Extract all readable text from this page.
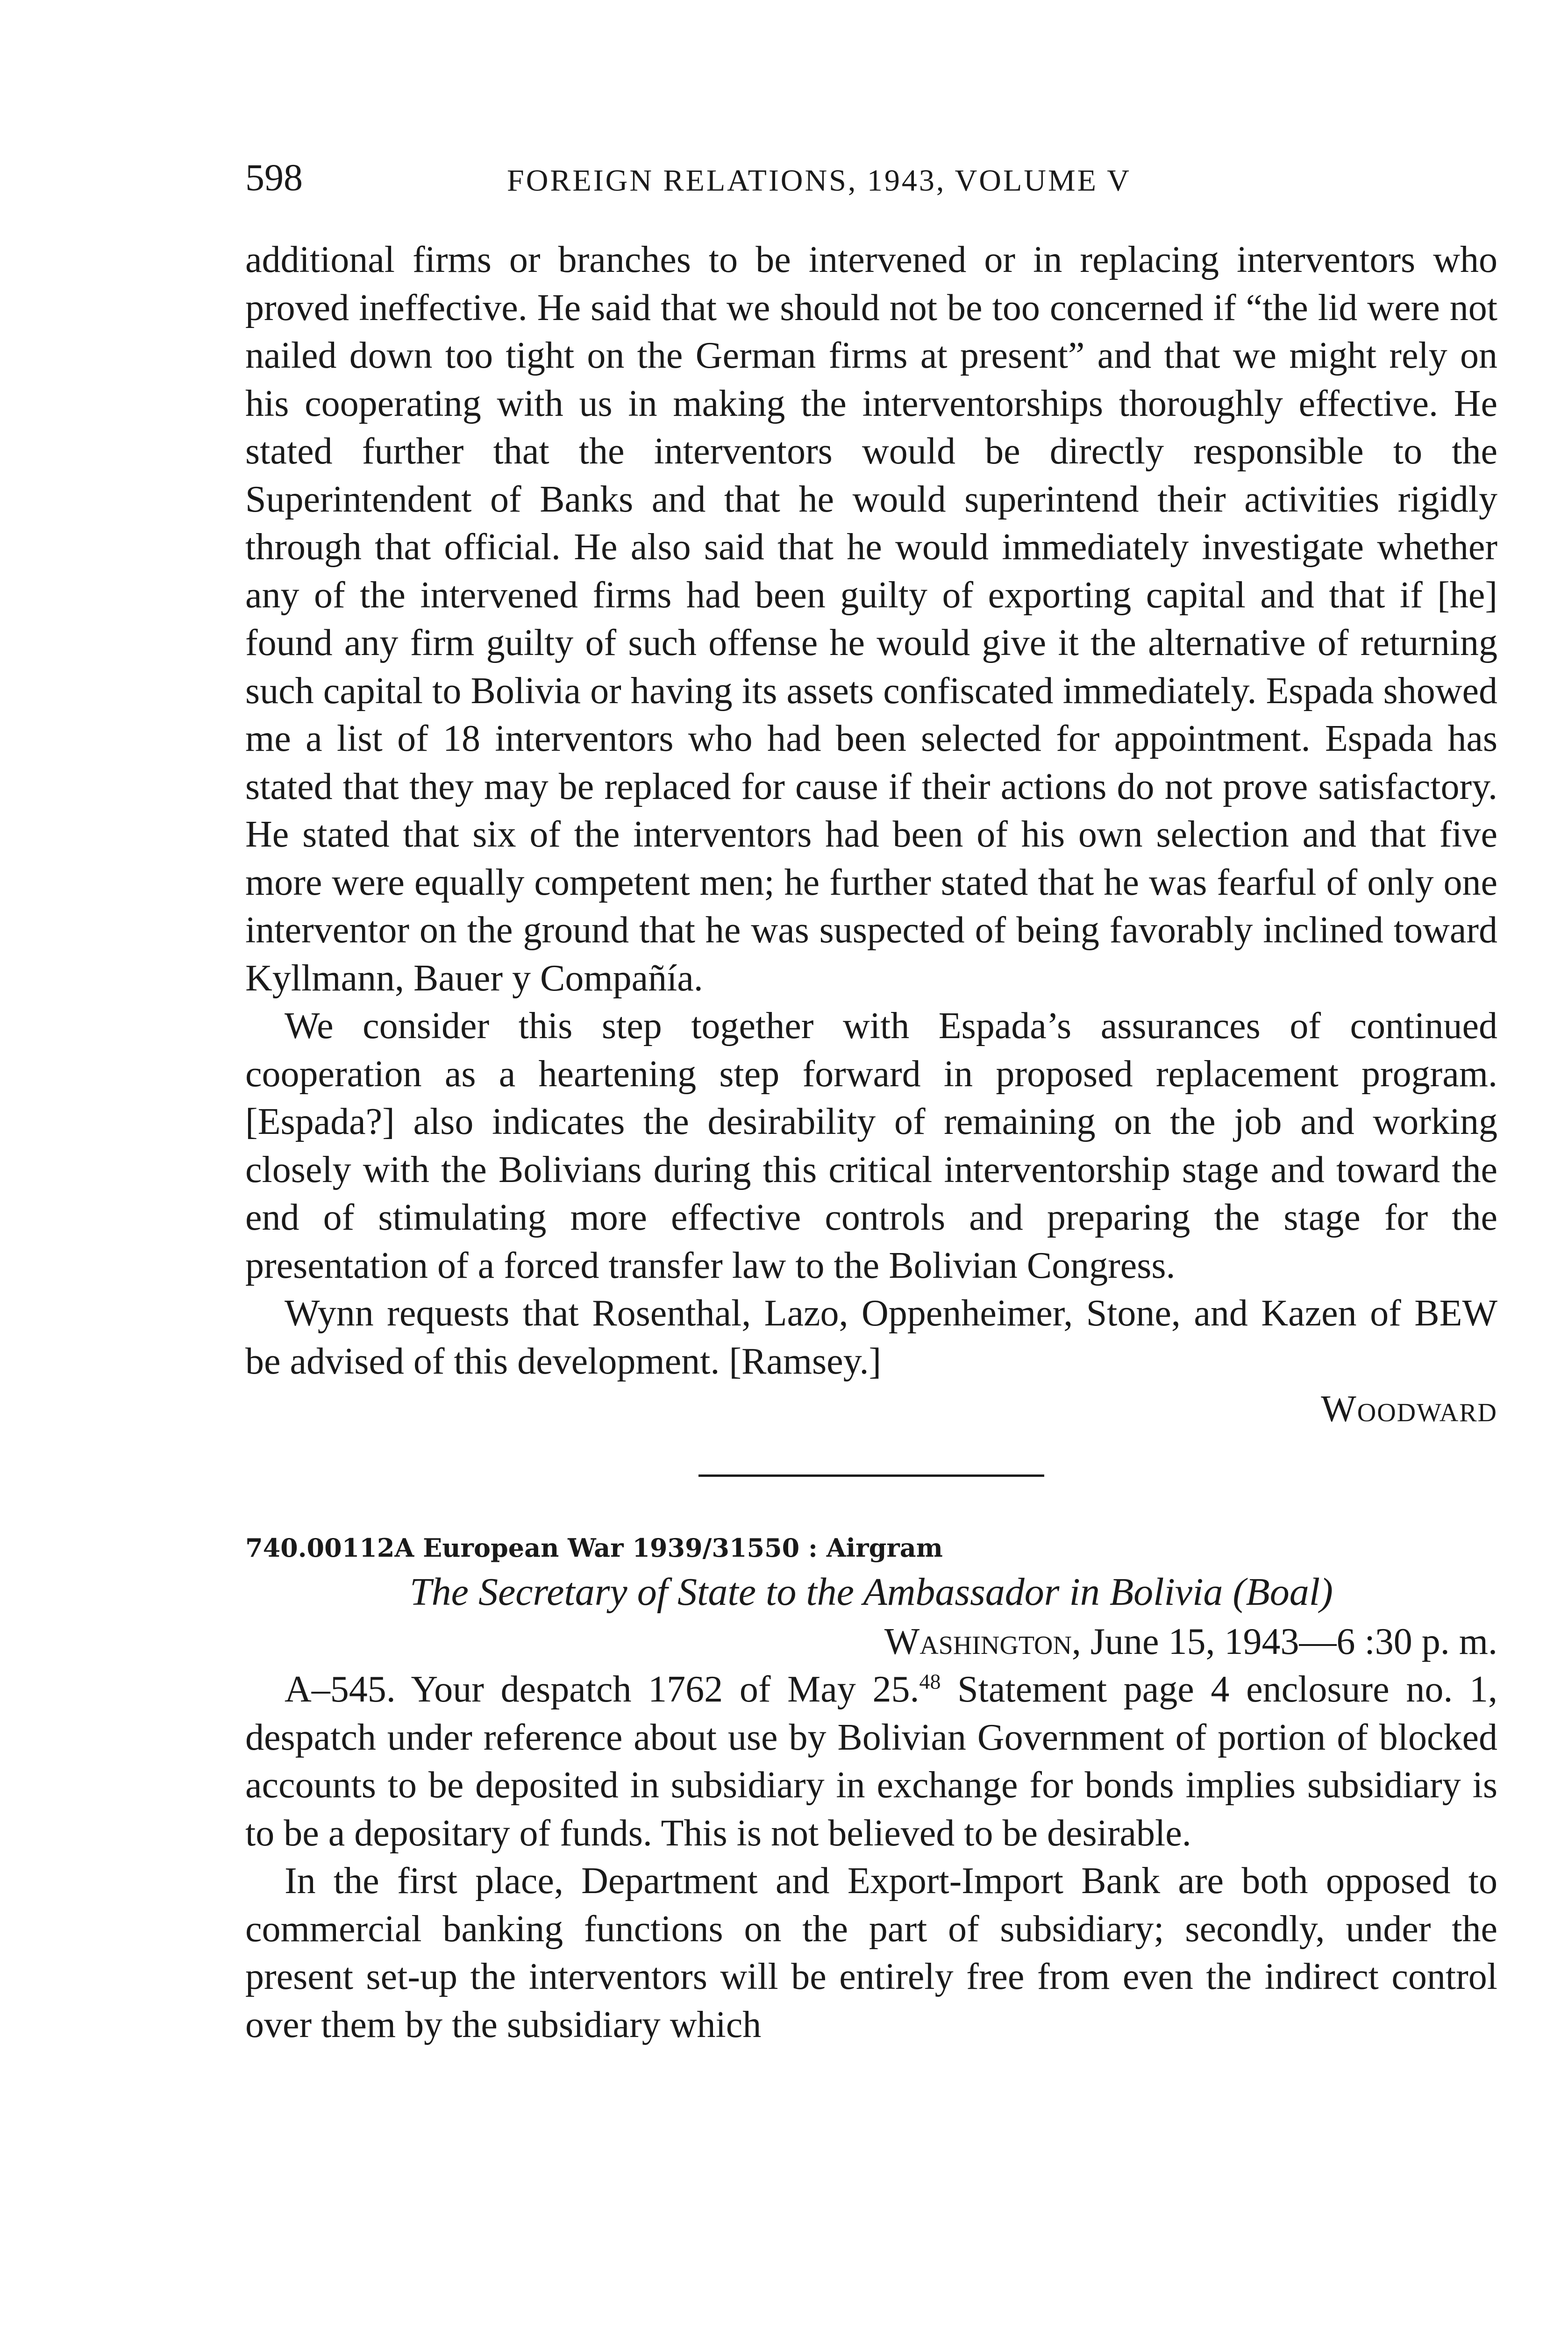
598	FOREIGN RELATIONS, 1943, VOLUME V

additional firms or branches to be intervened or in replacing interventors who proved ineffective. He said that we should not be too concerned if “the lid were not nailed down too tight on the German firms at present” and that we might rely on his cooperating with us in making the interventorships thoroughly effective. He stated further that the interventors would be directly responsible to the Superintendent of Banks and that he would superintend their activities rigidly through that official. He also said that he would immediately investigate whether any of the intervened firms had been guilty of exporting capital and that if [he] found any firm guilty of such offense he would give it the alternative of returning such capital to Bolivia or having its assets confiscated immediately. Espada showed me a list of 18 interventors who had been selected for appointment. Espada has stated that they may be replaced for cause if their actions do not prove satisfactory. He stated that six of the interventors had been of his own selection and that five more were equally competent men; he further stated that he was fearful of only one interventor on the ground that he was suspected of being favorably inclined toward Kyllmann, Bauer y Compañía.

We consider this step together with Espada’s assurances of continued cooperation as a heartening step forward in proposed replacement program. [Espada?] also indicates the desirability of remaining on the job and working closely with the Bolivians during this critical interventorship stage and toward the end of stimulating more effective controls and preparing the stage for the presentation of a forced transfer law to the Bolivian Congress.

Wynn requests that Rosenthal, Lazo, Oppenheimer, Stone, and Kazen of BEW be advised of this development. [Ramsey.]

Woodward

740.00112A European War 1939/31550 : Airgram

The Secretary of State to the Ambassador in Bolivia (Boal)

Washington, June 15, 1943—6 :30 p. m.

A–545. Your despatch 1762 of May 25.48 Statement page 4 enclosure no. 1, despatch under reference about use by Bolivian Government of portion of blocked accounts to be deposited in subsidiary in exchange for bonds implies subsidiary is to be a depositary of funds. This is not believed to be desirable.

In the first place, Department and Export-Import Bank are both opposed to commercial banking functions on the part of subsidiary; secondly, under the present set-up the interventors will be entirely free from even the indirect control over them by the subsidiary which
